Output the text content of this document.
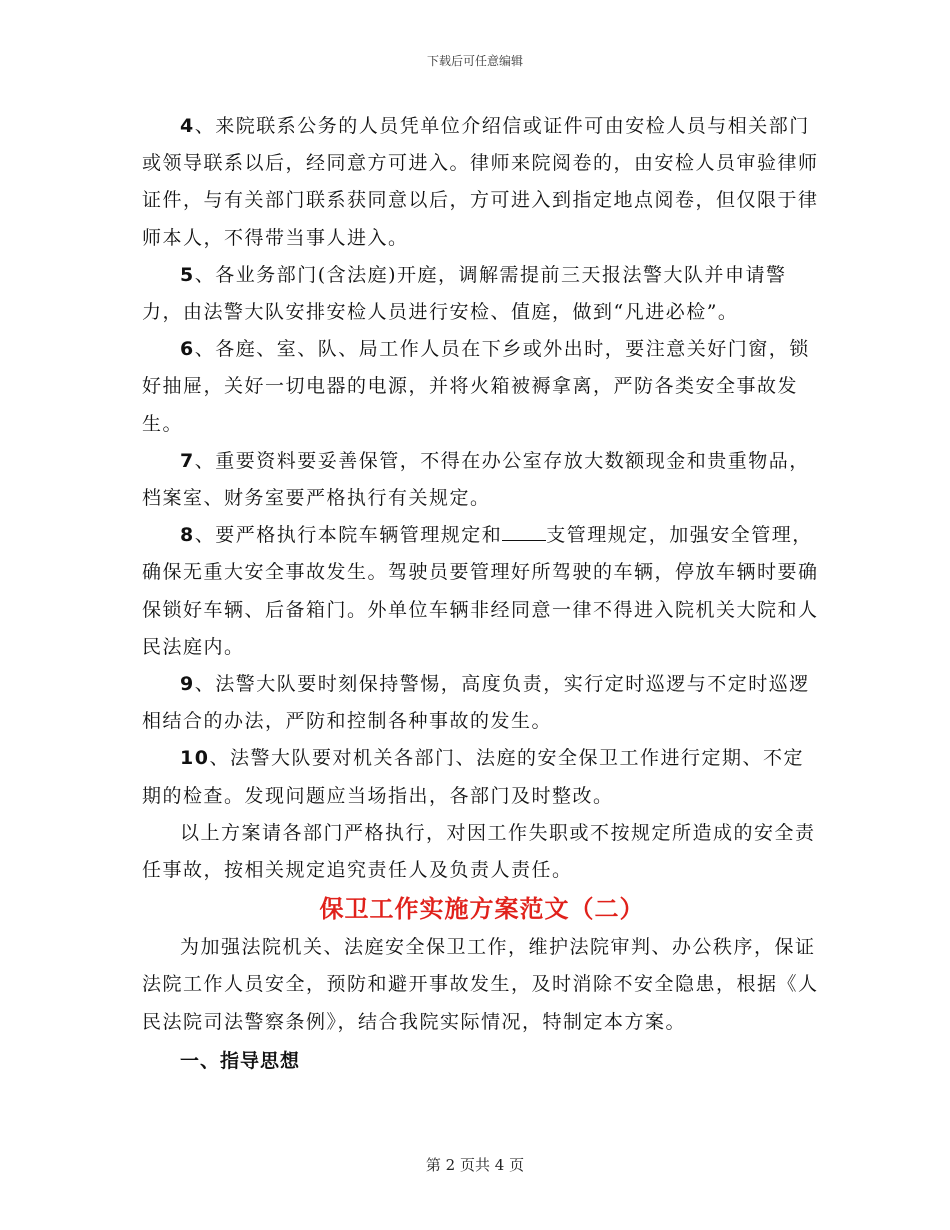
下载后可任意编辑

4、来院联系公务的人员凭单位介绍信或证件可由安检人员与相关部门或领导联系以后，经同意方可进入。律师来院阅卷的，由安检人员审验律师证件，与有关部门联系获同意以后，方可进入到指定地点阅卷，但仅限于律师本人，不得带当事人进入。

5、各业务部门(含法庭)开庭，调解需提前三天报法警大队并申请警力，由法警大队安排安检人员进行安检、值庭，做到“凡进必检”。

6、各庭、室、队、局工作人员在下乡或外出时，要注意关好门窗，锁好抽屉，关好一切电器的电源，并将火箱被褥拿离，严防各类安全事故发生。

7、重要资料要妥善保管，不得在办公室存放大数额现金和贵重物品，档案室、财务室要严格执行有关规定。

8、要严格执行本院车辆管理规定和 支管理规定，加强安全管理，确保无重大安全事故发生。驾驶员要管理好所驾驶的车辆，停放车辆时要确保锁好车辆、后备箱门。外单位车辆非经同意一律不得进入院机关大院和人民法庭内。

9、法警大队要时刻保持警惕，高度负责，实行定时巡逻与不定时巡逻相结合的办法，严防和控制各种事故的发生。

10、法警大队要对机关各部门、法庭的安全保卫工作进行定期、不定期的检查。发现问题应当场指出，各部门及时整改。

以上方案请各部门严格执行，对因工作失职或不按规定所造成的安全责任事故，按相关规定追究责任人及负责人责任。

保卫工作实施方案范文（二）

为加强法院机关、法庭安全保卫工作，维护法院审判、办公秩序，保证法院工作人员安全，预防和避开事故发生，及时消除不安全隐患，根据《人民法院司法警察条例》，结合我院实际情况，特制定本方案。

一、指导思想
第 2 页共 4 页
